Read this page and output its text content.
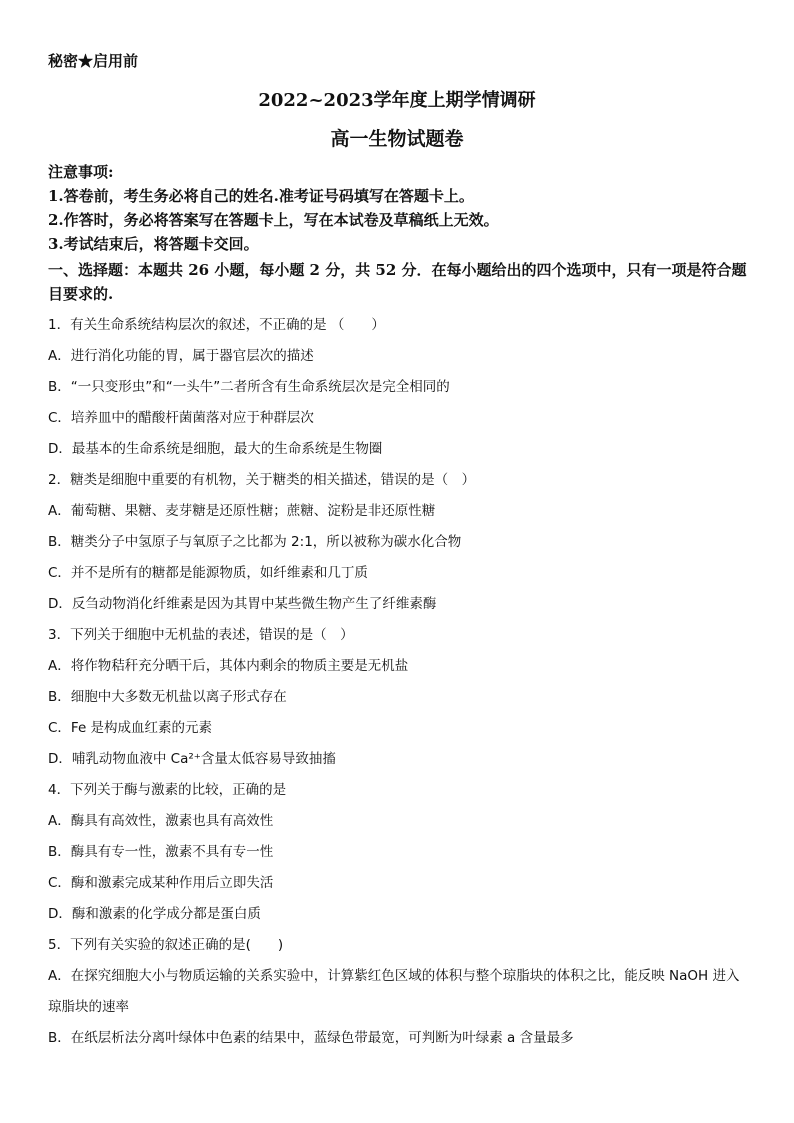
秘密★启用前
2022~2023学年度上期学情调研
高一生物试题卷
注意事项:
1.答卷前，考生务必将自己的姓名.准考证号码填写在答题卡上。
2.作答时，务必将答案写在答题卡上，写在本试卷及草稿纸上无效。
3.考试结束后，将答题卡交回。
一、选择题：本题共 26 小题，每小题 2 分，共 52 分．在每小题给出的四个选项中，只有一项是符合题目要求的.
1．有关生命系统结构层次的叙述，不正确的是 （　　）
A．进行消化功能的胃，属于器官层次的描述
B．“一只变形虫”和“一头牛”二者所含有生命系统层次是完全相同的
C．培养皿中的醋酸杆菌菌落对应于种群层次
D．最基本的生命系统是细胞，最大的生命系统是生物圈
2．糖类是细胞中重要的有机物，关于糖类的相关描述，错误的是（　）
A．葡萄糖、果糖、麦芽糖是还原性糖；蔗糖、淀粉是非还原性糖
B．糖类分子中氢原子与氧原子之比都为 2:1，所以被称为碳水化合物
C．并不是所有的糖都是能源物质，如纤维素和几丁质
D．反刍动物消化纤维素是因为其胃中某些微生物产生了纤维素酶
3．下列关于细胞中无机盐的表述，错误的是（　）
A．将作物秸秆充分晒干后，其体内剩余的物质主要是无机盐
B．细胞中大多数无机盐以离子形式存在
C．Fe 是构成血红素的元素
D．哺乳动物血液中 Ca²⁺含量太低容易导致抽搐
4．下列关于酶与激素的比较，正确的是
A．酶具有高效性，激素也具有高效性
B．酶具有专一性，激素不具有专一性
C．酶和激素完成某种作用后立即失活
D．酶和激素的化学成分都是蛋白质
5．下列有关实验的叙述正确的是(　　)
A．在探究细胞大小与物质运输的关系实验中，计算紫红色区域的体积与整个琼脂块的体积之比，能反映 NaOH 进入琼脂块的速率
B．在纸层析法分离叶绿体中色素的结果中，蓝绿色带最宽，可判断为叶绿素 a 含量最多
